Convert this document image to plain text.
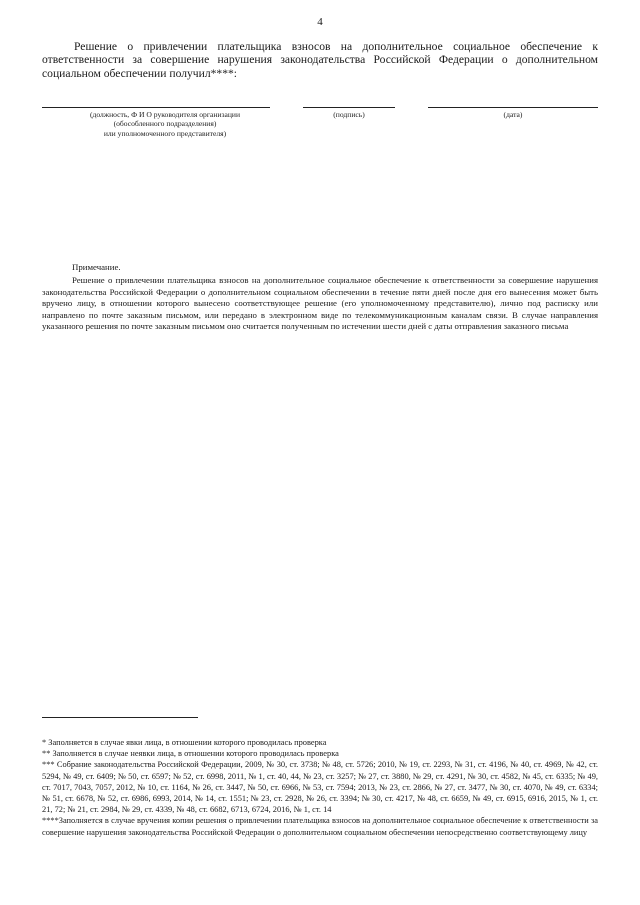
4

Решение о привлечении плательщика взносов на дополнительное социальное обеспечение к ответственности за совершение нарушения законодательства Российской Федерации о дополнительном социальном обеспечении получил****:

(должность, Ф И О руководителя организации
(обособленного подразделения)
или уполномоченного представителя)
(подпись)	(дата)

Примечание.

Решение о привлечении плательщика взносов на дополнительное социальное обеспечение к ответственности за совершение нарушения законодательства Российской Федерации о дополнительном социальном обеспечении в течение пяти дней после дня его вынесения может быть вручено лицу, в отношении которого вынесено соответствующее решение (его уполномоченному представителю), лично под расписку или направлено по почте заказным письмом, или передано в электронном виде по телекоммуникационным каналам связи. В случае направления указанного решения по почте заказным письмом оно считается полученным по истечении шести дней с даты отправления заказного письма

* Заполняется в случае явки лица, в отношении которого проводилась проверка

** Заполняется в случае неявки лица, в отношении которого проводилась проверка

*** Собрание законодательства Российской Федерации, 2009, № 30, ст. 3738; № 48, ст. 5726; 2010, № 19, ст. 2293, № 31, ст. 4196, № 40, ст. 4969, № 42, ст. 5294, № 49, ст. 6409; № 50, ст. 6597; № 52, ст. 6998, 2011, № 1, ст. 40, 44, № 23, ст. 3257; № 27, ст. 3880, № 29, ст. 4291, № 30, ст. 4582, № 45, ст. 6335; № 49, ст. 7017, 7043, 7057, 2012, № 10, ст. 1164, № 26, ст. 3447, № 50, ст. 6966, № 53, ст. 7594; 2013, № 23, ст. 2866, № 27, ст. 3477, № 30, ст. 4070, № 49, ст. 6334; № 51, ст. 6678, № 52, ст. 6986, 6993, 2014, № 14, ст. 1551; № 23, ст. 2928, № 26, ст. 3394; № 30, ст. 4217, № 48, ст. 6659, № 49, ст. 6915, 6916, 2015, № 1, ст. 21, 72; № 21, ст. 2984, № 29, ст. 4339, № 48, ст. 6682, 6713, 6724, 2016, № 1, ст. 14

****Заполняется в случае вручения копии решения о привлечении плательщика взносов на дополнительное социальное обеспечение к ответственности за совершение нарушения законодательства Российской Федерации о дополнительном социальном обеспечении непосредственно соответствующему лицу
